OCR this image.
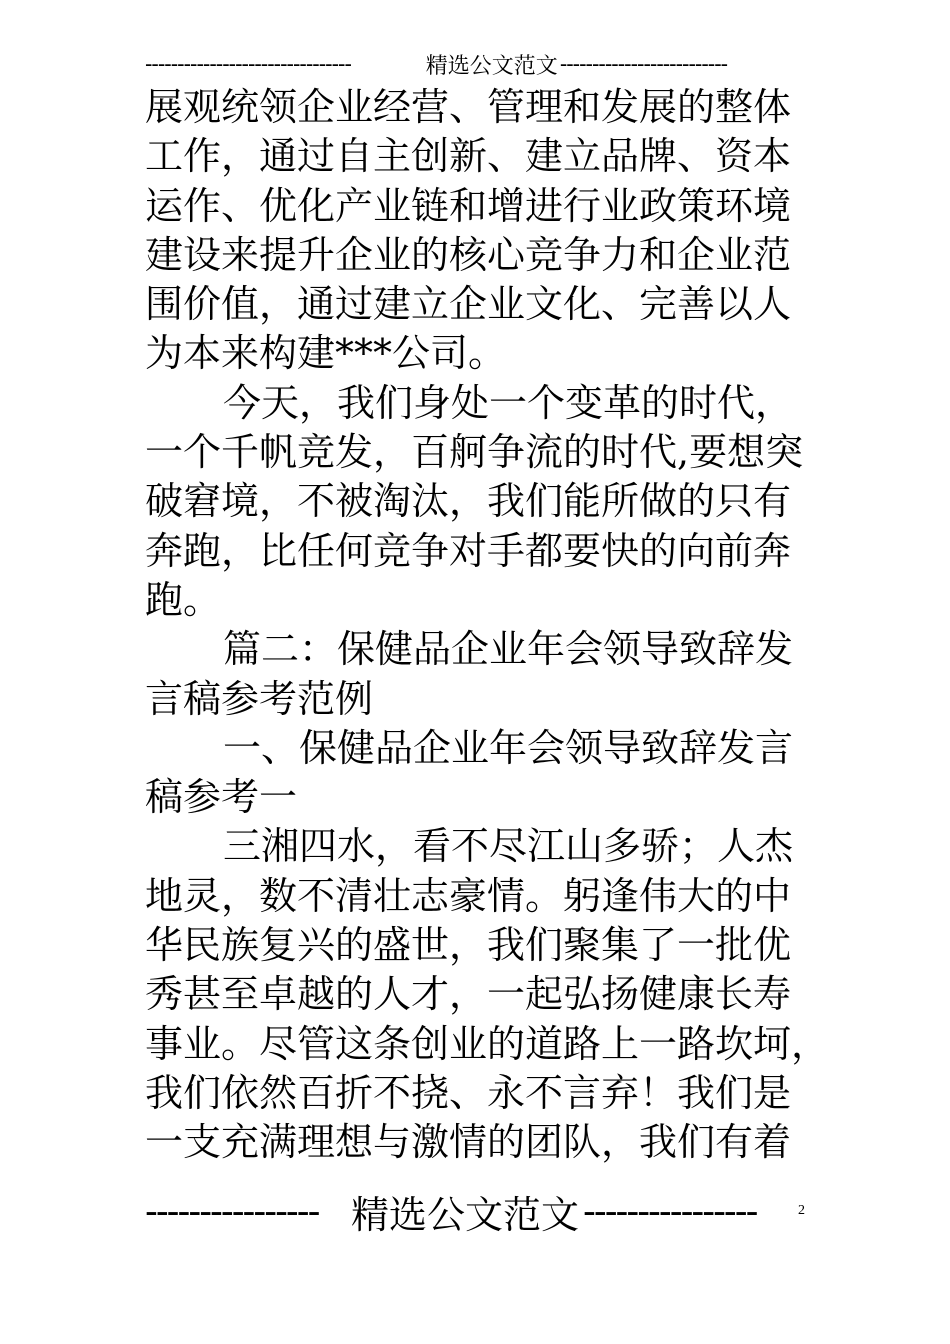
--------------------------------	精选公文范文 --------------------------
展观统领企业经营、管理和发展的整体
工作，通过自主创新、建立品牌、资本
运作、优化产业链和增进行业政策环境
建设来提升企业的核心竞争力和企业范
围价值，通过建立企业文化、完善以人
为本来构建***公司。
今天，我们身处一个变革的时代，
一个千帆竞发，百舸争流的时代,要想突
破窘境，不被淘汰，我们能所做的只有
奔跑，比任何竞争对手都要快的向前奔
跑。
篇二：保健品企业年会领导致辞发
言稿参考范例
一、保健品企业年会领导致辞发言
稿参考一
三湘四水，看不尽江山多骄；人杰
地灵，数不清壮志豪情。躬逢伟大的中
华民族复兴的盛世，我们聚集了一批优
秀甚至卓越的人才，一起弘扬健康长寿
事业。尽管这条创业的道路上一路坎坷，
我们依然百折不挠、永不言弃！我们是
一支充满理想与激情的团队，我们有着
---------------- 精选公文范文 ----------------	2
